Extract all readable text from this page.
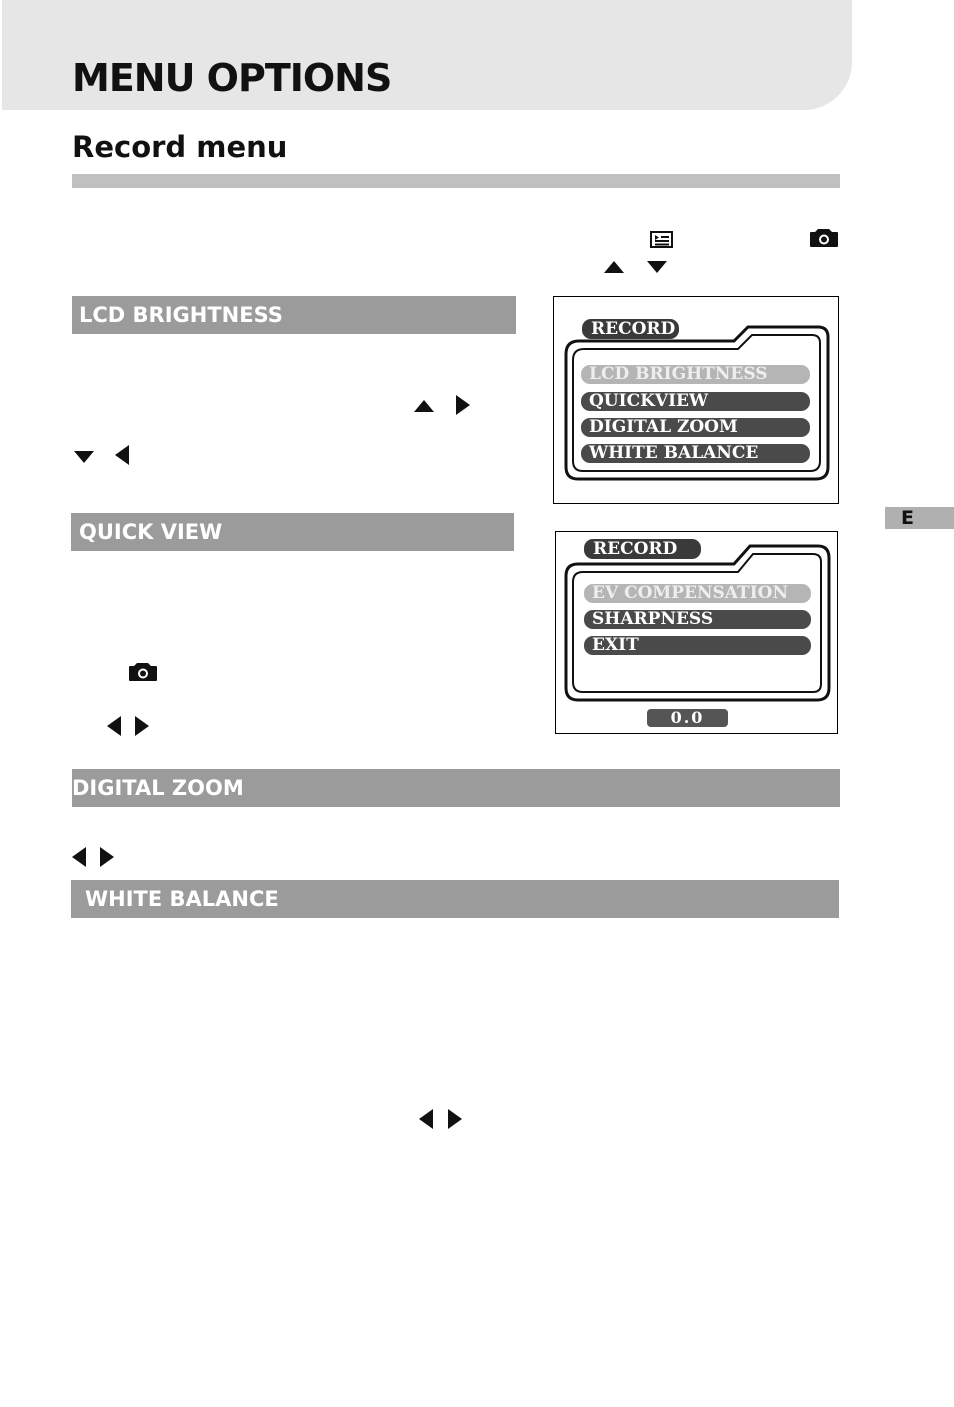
MENU OPTIONS
Record menu
LCD BRIGHTNESS
RECORD
LCD BRIGHTNESS
QUICKVIEW
DIGITAL ZOOM
WHITE BALANCE
E
QUICK VIEW
RECORD
EV COMPENSATION
SHARPNESS
EXIT
0.0
DIGITAL ZOOM
WHITE BALANCE
